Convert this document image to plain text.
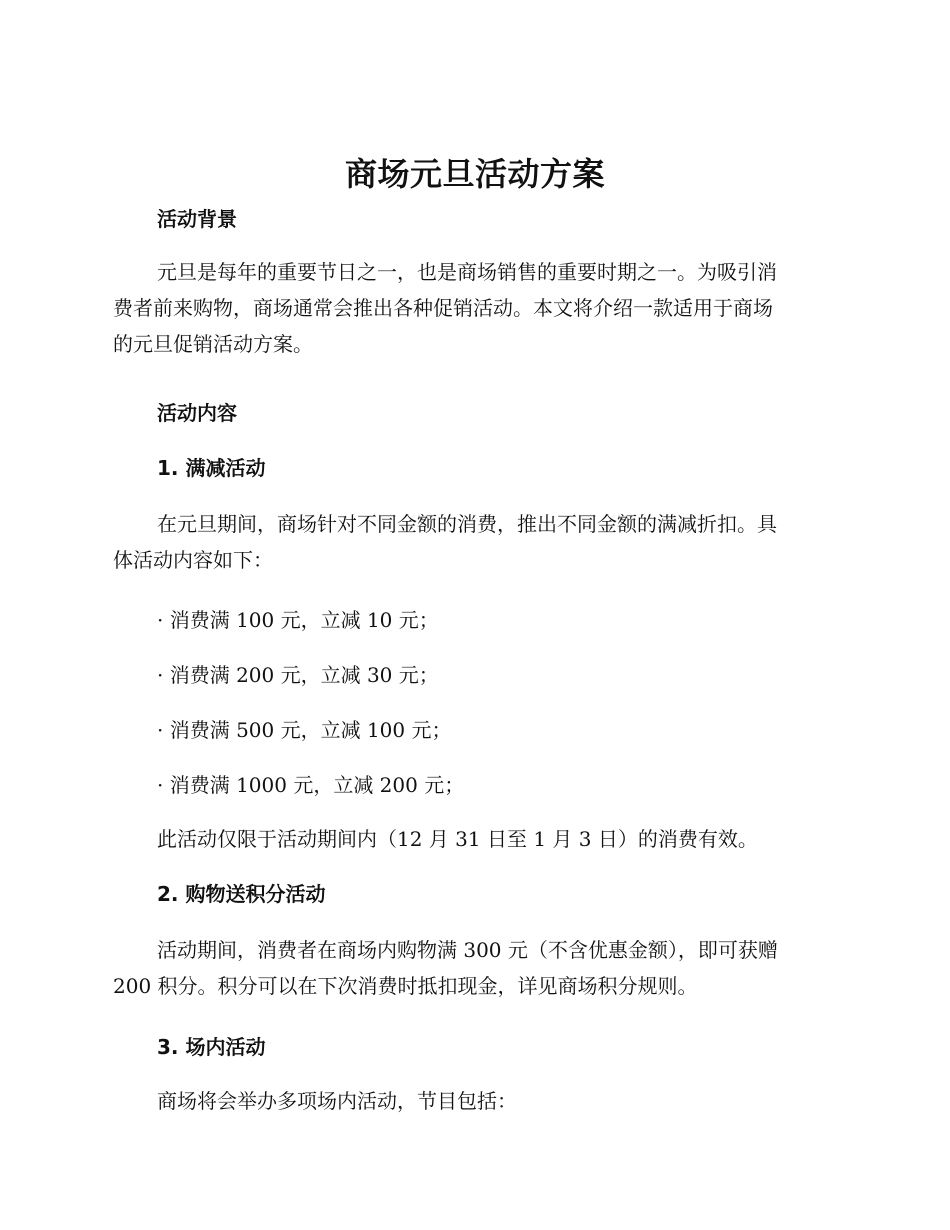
商场元旦活动方案
活动背景
元旦是每年的重要节日之一，也是商场销售的重要时期之一。为吸引消
费者前来购物，商场通常会推出各种促销活动。本文将介绍一款适用于商场
的元旦促销活动方案。
活动内容
1. 满减活动
在元旦期间，商场针对不同金额的消费，推出不同金额的满减折扣。具
体活动内容如下：
· 消费满 100 元，立减 10 元；
· 消费满 200 元，立减 30 元；
· 消费满 500 元，立减 100 元；
· 消费满 1000 元，立减 200 元；
此活动仅限于活动期间内（12 月 31 日至 1 月 3 日）的消费有效。
2. 购物送积分活动
活动期间，消费者在商场内购物满 300 元（不含优惠金额），即可获赠
200 积分。积分可以在下次消费时抵扣现金，详见商场积分规则。
3. 场内活动
商场将会举办多项场内活动，节目包括：
